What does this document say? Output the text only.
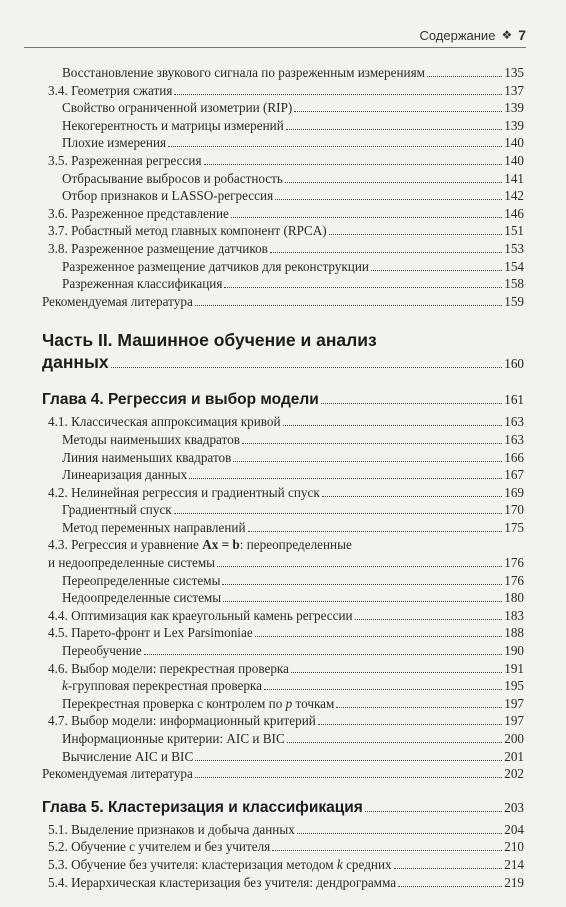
Содержание ❖ 7
Восстановление звукового сигнала по разреженным измерениям	135
3.4. Геометрия сжатия	137
Свойство ограниченной изометрии (RIP)	139
Некогерентность и матрицы измерений	139
Плохие измерения	140
3.5. Разреженная регрессия	140
Отбрасывание выбросов и робастность	141
Отбор признаков и LASSO-регрессия	142
3.6. Разреженное представление	146
3.7. Робастный метод главных компонент (RPCA)	151
3.8. Разреженное размещение датчиков	153
Разреженное размещение датчиков для реконструкции	154
Разреженная классификация	158
Рекомендуемая литература	159
Часть II. Машинное обучение и анализ
данных	160
Глава 4. Регрессия и выбор модели	161
4.1. Классическая аппроксимация кривой	163
Методы наименьших квадратов	163
Линия наименьших квадратов	166
Линеаризация данных	167
4.2. Нелинейная регрессия и градиентный спуск	169
Градиентный спуск	170
Метод переменных направлений	175
4.3. Регрессия и уравнение Ax = b: переопределенные
и недоопределенные системы	176
Переопределенные системы	176
Недоопределенные системы	180
4.4. Оптимизация как краеугольный камень регрессии	183
4.5. Парето-фронт и Lex Parsimoniae	188
Переобучение	190
4.6. Выбор модели: перекрестная проверка	191
k-групповая перекрестная проверка	195
Перекрестная проверка с контролем по p точкам	197
4.7. Выбор модели: информационный критерий	197
Информационные критерии: AIC и BIC	200
Вычисление AIC и BIC	201
Рекомендуемая литература	202
Глава 5. Кластеризация и классификация	203
5.1. Выделение признаков и добыча данных	204
5.2. Обучение с учителем и без учителя	210
5.3. Обучение без учителя: кластеризация методом k средних	214
5.4. Иерархическая кластеризация без учителя: дендрограмма	219
